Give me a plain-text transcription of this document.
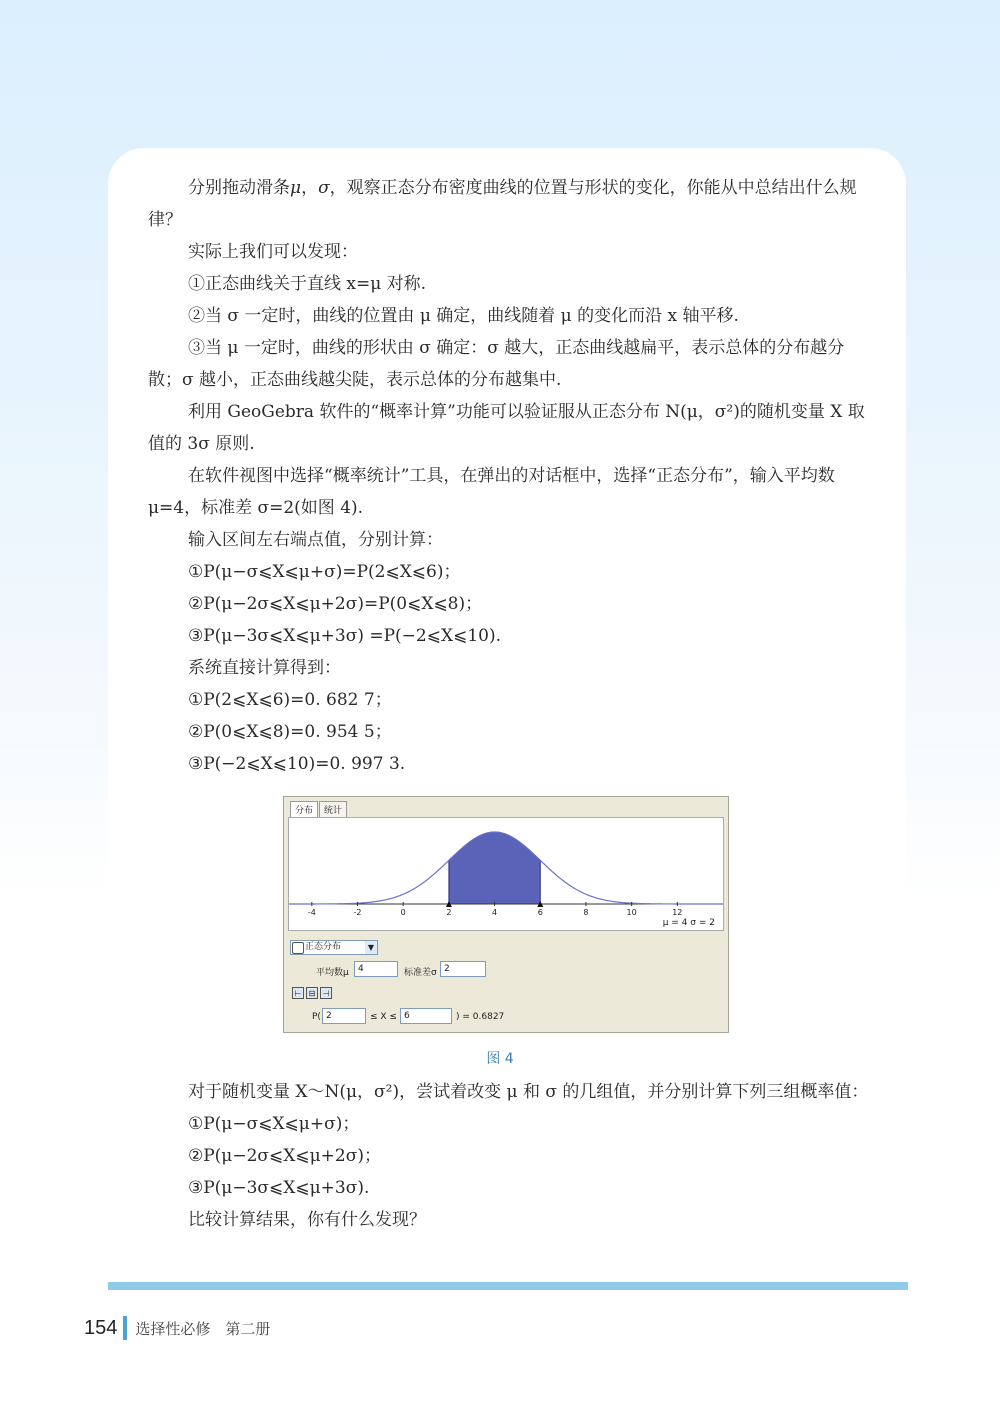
分别拖动滑条μ，σ，观察正态分布密度曲线的位置与形状的变化，你能从中总结出什么规律？

实际上我们可以发现：

①正态曲线关于直线 x=μ 对称.

②当 σ 一定时，曲线的位置由 μ 确定，曲线随着 μ 的变化而沿 x 轴平移.

③当 μ 一定时，曲线的形状由 σ 确定：σ 越大，正态曲线越扁平，表示总体的分布越分散；σ 越小，正态曲线越尖陡，表示总体的分布越集中.

利用 GeoGebra 软件的“概率计算”功能可以验证服从正态分布 N(μ，σ²)的随机变量 X 取值的 3σ 原则.

在软件视图中选择“概率统计”工具，在弹出的对话框中，选择“正态分布”，输入平均数 μ=4，标准差 σ=2(如图 4).

输入区间左右端点值，分别计算：

①P(μ−σ⩽X⩽μ+σ)=P(2⩽X⩽6)；

②P(μ−2σ⩽X⩽μ+2σ)=P(0⩽X⩽8)；

③P(μ−3σ⩽X⩽μ+3σ) =P(−2⩽X⩽10).

系统直接计算得到：

①P(2⩽X⩽6)=0. 682 7；

②P(0⩽X⩽8)=0. 954 5；

③P(−2⩽X⩽10)=0. 997 3.

分布	统计
-4	-2	0	2	4	6	8	10	12
μ = 4 σ = 2
正态分布	▼
平均数μ	4	标准差σ 2
⊢ ⊟ ⊣
P( 2	≤ X ≤ 6	) = 0.6827
图 4

对于随机变量 X～N(μ，σ²)，尝试着改变 μ 和 σ 的几组值，并分别计算下列三组概率值：

①P(μ−σ⩽X⩽μ+σ)；

②P(μ−2σ⩽X⩽μ+2σ)；

③P(μ−3σ⩽X⩽μ+3σ).

比较计算结果，你有什么发现？

154 选择性必修　第二册
